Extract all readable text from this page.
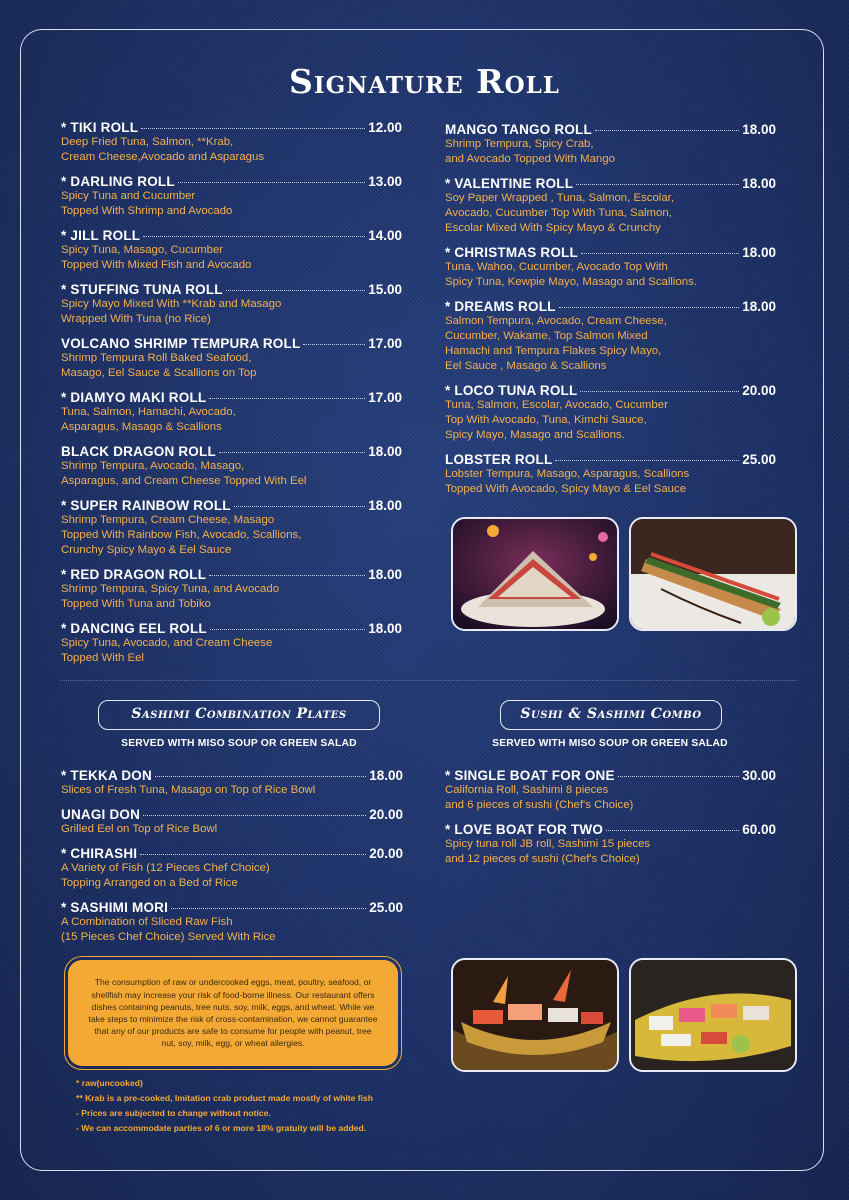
Signature Roll
* TIKI ROLL	12.00
Deep Fried Tuna, Salmon, **Krab,
Cream Cheese,Avocado and Asparagus
* DARLING ROLL	13.00
Spicy Tuna and Cucumber
Topped With Shrimp and Avocado
* JILL ROLL	14.00
Spicy Tuna, Masago, Cucumber
Topped With Mixed Fish and Avocado
* STUFFING TUNA ROLL	15.00
Spicy Mayo Mixed With **Krab and Masago
Wrapped With Tuna (no Rice)
VOLCANO SHRIMP TEMPURA ROLL	17.00
Shrimp Tempura Roll Baked Seafood,
Masago, Eel Sauce & Scallions on Top
* DIAMYO MAKI ROLL	17.00
Tuna, Salmon, Hamachi, Avocado,
Asparagus, Masago & Scallions
BLACK DRAGON ROLL	18.00
Shrimp Tempura, Avocado, Masago,
Asparagus, and Cream Cheese Topped With Eel
* SUPER RAINBOW ROLL	18.00
Shrimp Tempura, Cream Cheese, Masago
Topped With Rainbow Fish, Avocado, Scallions,
Crunchy Spicy Mayo & Eel Sauce
* RED DRAGON ROLL	18.00
Shrimp Tempura, Spicy Tuna, and Avocado
Topped With Tuna and Tobiko
* DANCING EEL ROLL	18.00
Spicy Tuna, Avocado, and Cream Cheese
Topped With Eel
MANGO TANGO ROLL	18.00
Shrimp Tempura, Spicy Crab,
and Avocado Topped With Mango
* VALENTINE ROLL	18.00
Soy Paper Wrapped , Tuna, Salmon, Escolar,
Avocado, Cucumber Top With Tuna, Salmon,
Escolar Mixed With Spicy Mayo & Crunchy
* CHRISTMAS ROLL	18.00
Tuna, Wahoo, Cucumber, Avocado Top With
Spicy Tuna, Kewpie Mayo, Masago and Scallions.
* DREAMS ROLL	18.00
Salmon Tempura, Avocado, Cream Cheese,
Cucumber, Wakame, Top Salmon Mixed
Hamachi and Tempura Flakes Spicy Mayo,
Eel Sauce , Masago & Scallions
* LOCO TUNA ROLL	20.00
Tuna, Salmon, Escolar, Avocado, Cucumber
Top With Avocado, Tuna, Kimchi Sauce,
Spicy Mayo, Masago and Scallions.
LOBSTER ROLL	25.00
Lobster Tempura, Masago, Asparagus, Scallions
Topped With Avocado, Spicy Mayo & Eel Sauce
Sashimi Combination Plates
SERVED WITH MISO SOUP OR GREEN SALAD
Sushi & Sashimi Combo
SERVED WITH MISO SOUP OR GREEN SALAD
* TEKKA DON	18.00
Slices of Fresh Tuna, Masago on Top of Rice Bowl
UNAGI DON	20.00
Grilled Eel on Top of Rice Bowl
* CHIRASHI	20.00
A Variety of Fish (12 Pieces Chef Choice)
Topping Arranged on a Bed of Rice
* SASHIMI MORI	25.00
A Combination of Sliced Raw Fish
(15 Pieces Chef Choice) Served With Rice
* SINGLE BOAT FOR ONE	30.00
California Roll, Sashimi 8 pieces
and 6 pieces of sushi (Chef's Choice)
* LOVE BOAT FOR TWO	60.00
Spicy tuna roll JB roll, Sashimi 15 pieces
and 12 pieces of sushi (Chef's Choice)
The consumption of raw or undercooked eggs, meat, poultry, seafood, or shellfish may increase your risk of food-borne illness. Our restaurant offers dishes containing peanuts, tree nuts, soy, milk, eggs, and wheat. While we take steps to minimize the risk of cross-contamination, we cannot guarantee that any of our products are safe to consume for people with peanut, tree nut, soy, milk, egg, or wheat allergies.
* raw(uncooked)
** Krab is a pre-cooked, Imitation crab product made mostly of white fish
- Prices are subjected to change without notice.
- We can accommodate parties of 6 or more 18% gratuity will be added.
